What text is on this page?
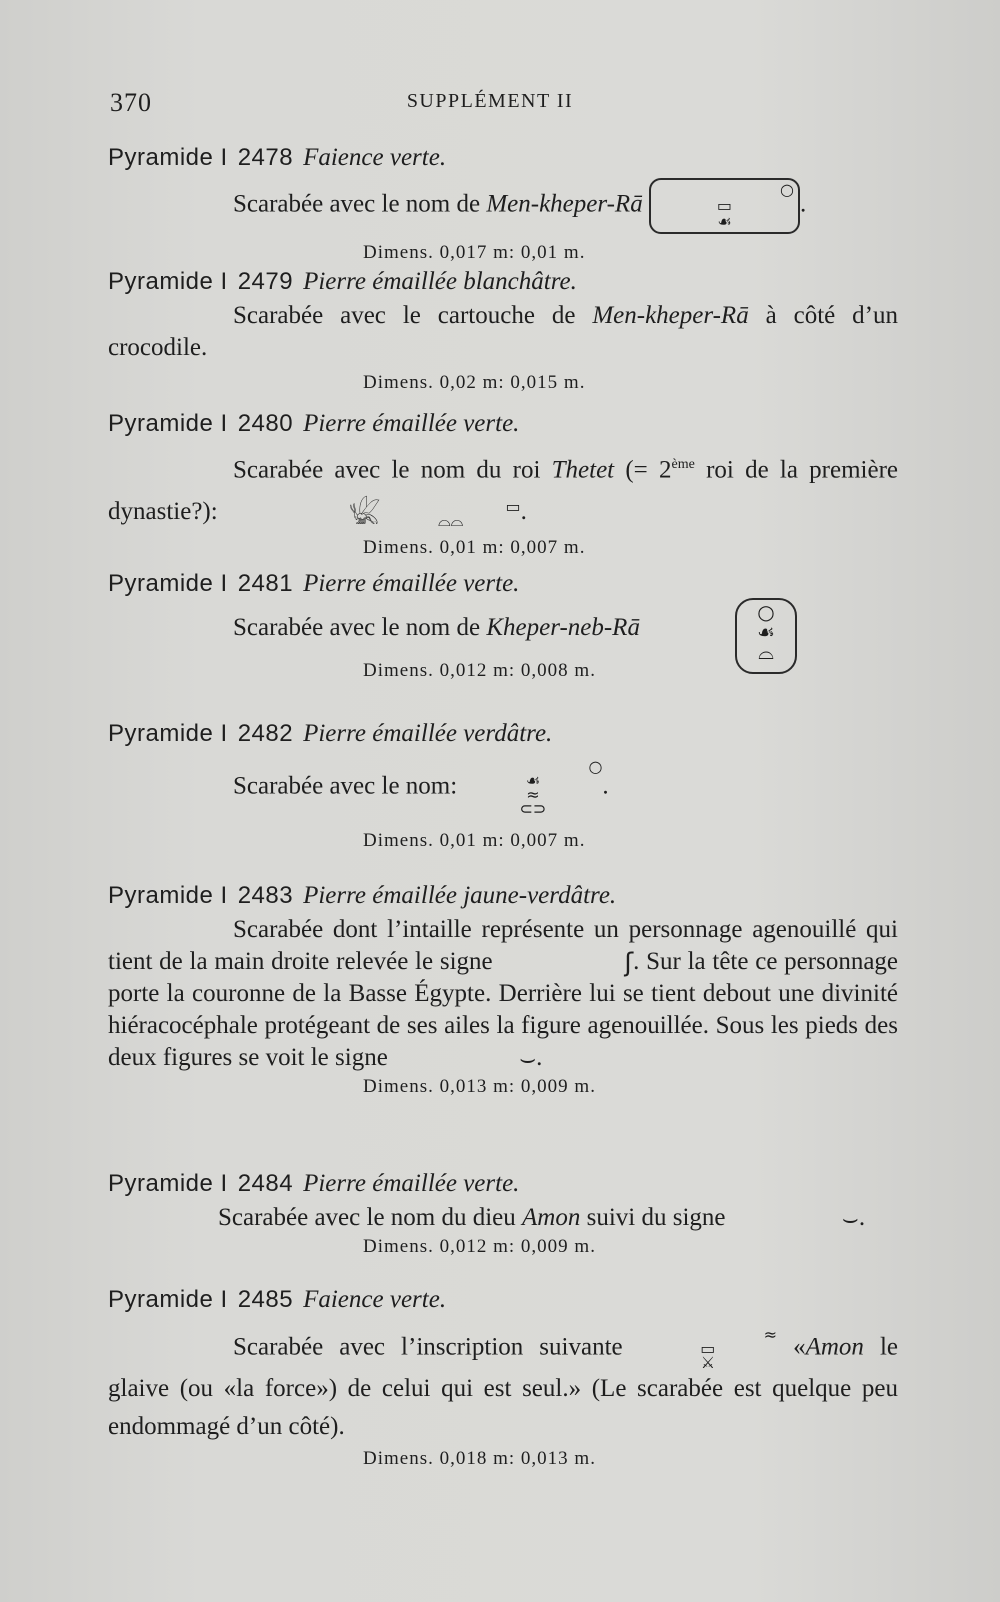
370	SUPPLÉMENT II
Pyramide I 2478 Faience verte.
Scarabée avec le nom de Men-kheper-Rā ○
▭
☙.
Dimens. 0,017 m: 0,01 m.
Pyramide I 2479 Pierre émaillée blanchâtre.
Scarabée avec le cartouche de Men-kheper-Rā à côté d’un crocodile.
Dimens. 0,02 m: 0,015 m.
Pyramide I 2480 Pierre émaillée verte.
Scarabée avec le nom du roi Thetet (= 2ème roi de la première dynastie?):	𓆤	▭
⌓⌓ .
Dimens. 0,01 m: 0,007 m.
Pyramide I 2481 Pierre émaillée verte.
Scarabée avec le nom de Kheper-neb-Rā
Dimens. 0,012 m: 0,008 m.
○
☙
⌓
Pyramide I 2482 Pierre émaillée verdâtre.
Scarabée avec le nom: ○
☙
≈
⊂⊃.
Dimens. 0,01 m: 0,007 m.
Pyramide I 2483 Pierre émaillée jaune-verdâtre.
Scarabée dont l’intaille représente un personnage agenouillé qui tient de la main droite relevée le signe	ʃ. Sur la tête ce personnage porte la couronne de la Basse Égypte. Derrière lui se tient debout une divinité hiéracocéphale protégeant de ses ailes la figure agenouillée. Sous les pieds des deux figures se voit le signe	⌣.
Dimens. 0,013 m: 0,009 m.
Pyramide I 2484 Pierre émaillée verte.
Scarabée avec le nom du dieu Amon suivi du signe	⌣.
Dimens. 0,012 m: 0,009 m.
Pyramide I 2485 Faience verte.
Scarabée avec l’inscription suivante	≈
▭
⚔ «Amon le glaive (ou «la force») de celui qui est seul.» (Le scarabée est quelque peu endommagé d’un côté).
Dimens. 0,018 m: 0,013 m.
